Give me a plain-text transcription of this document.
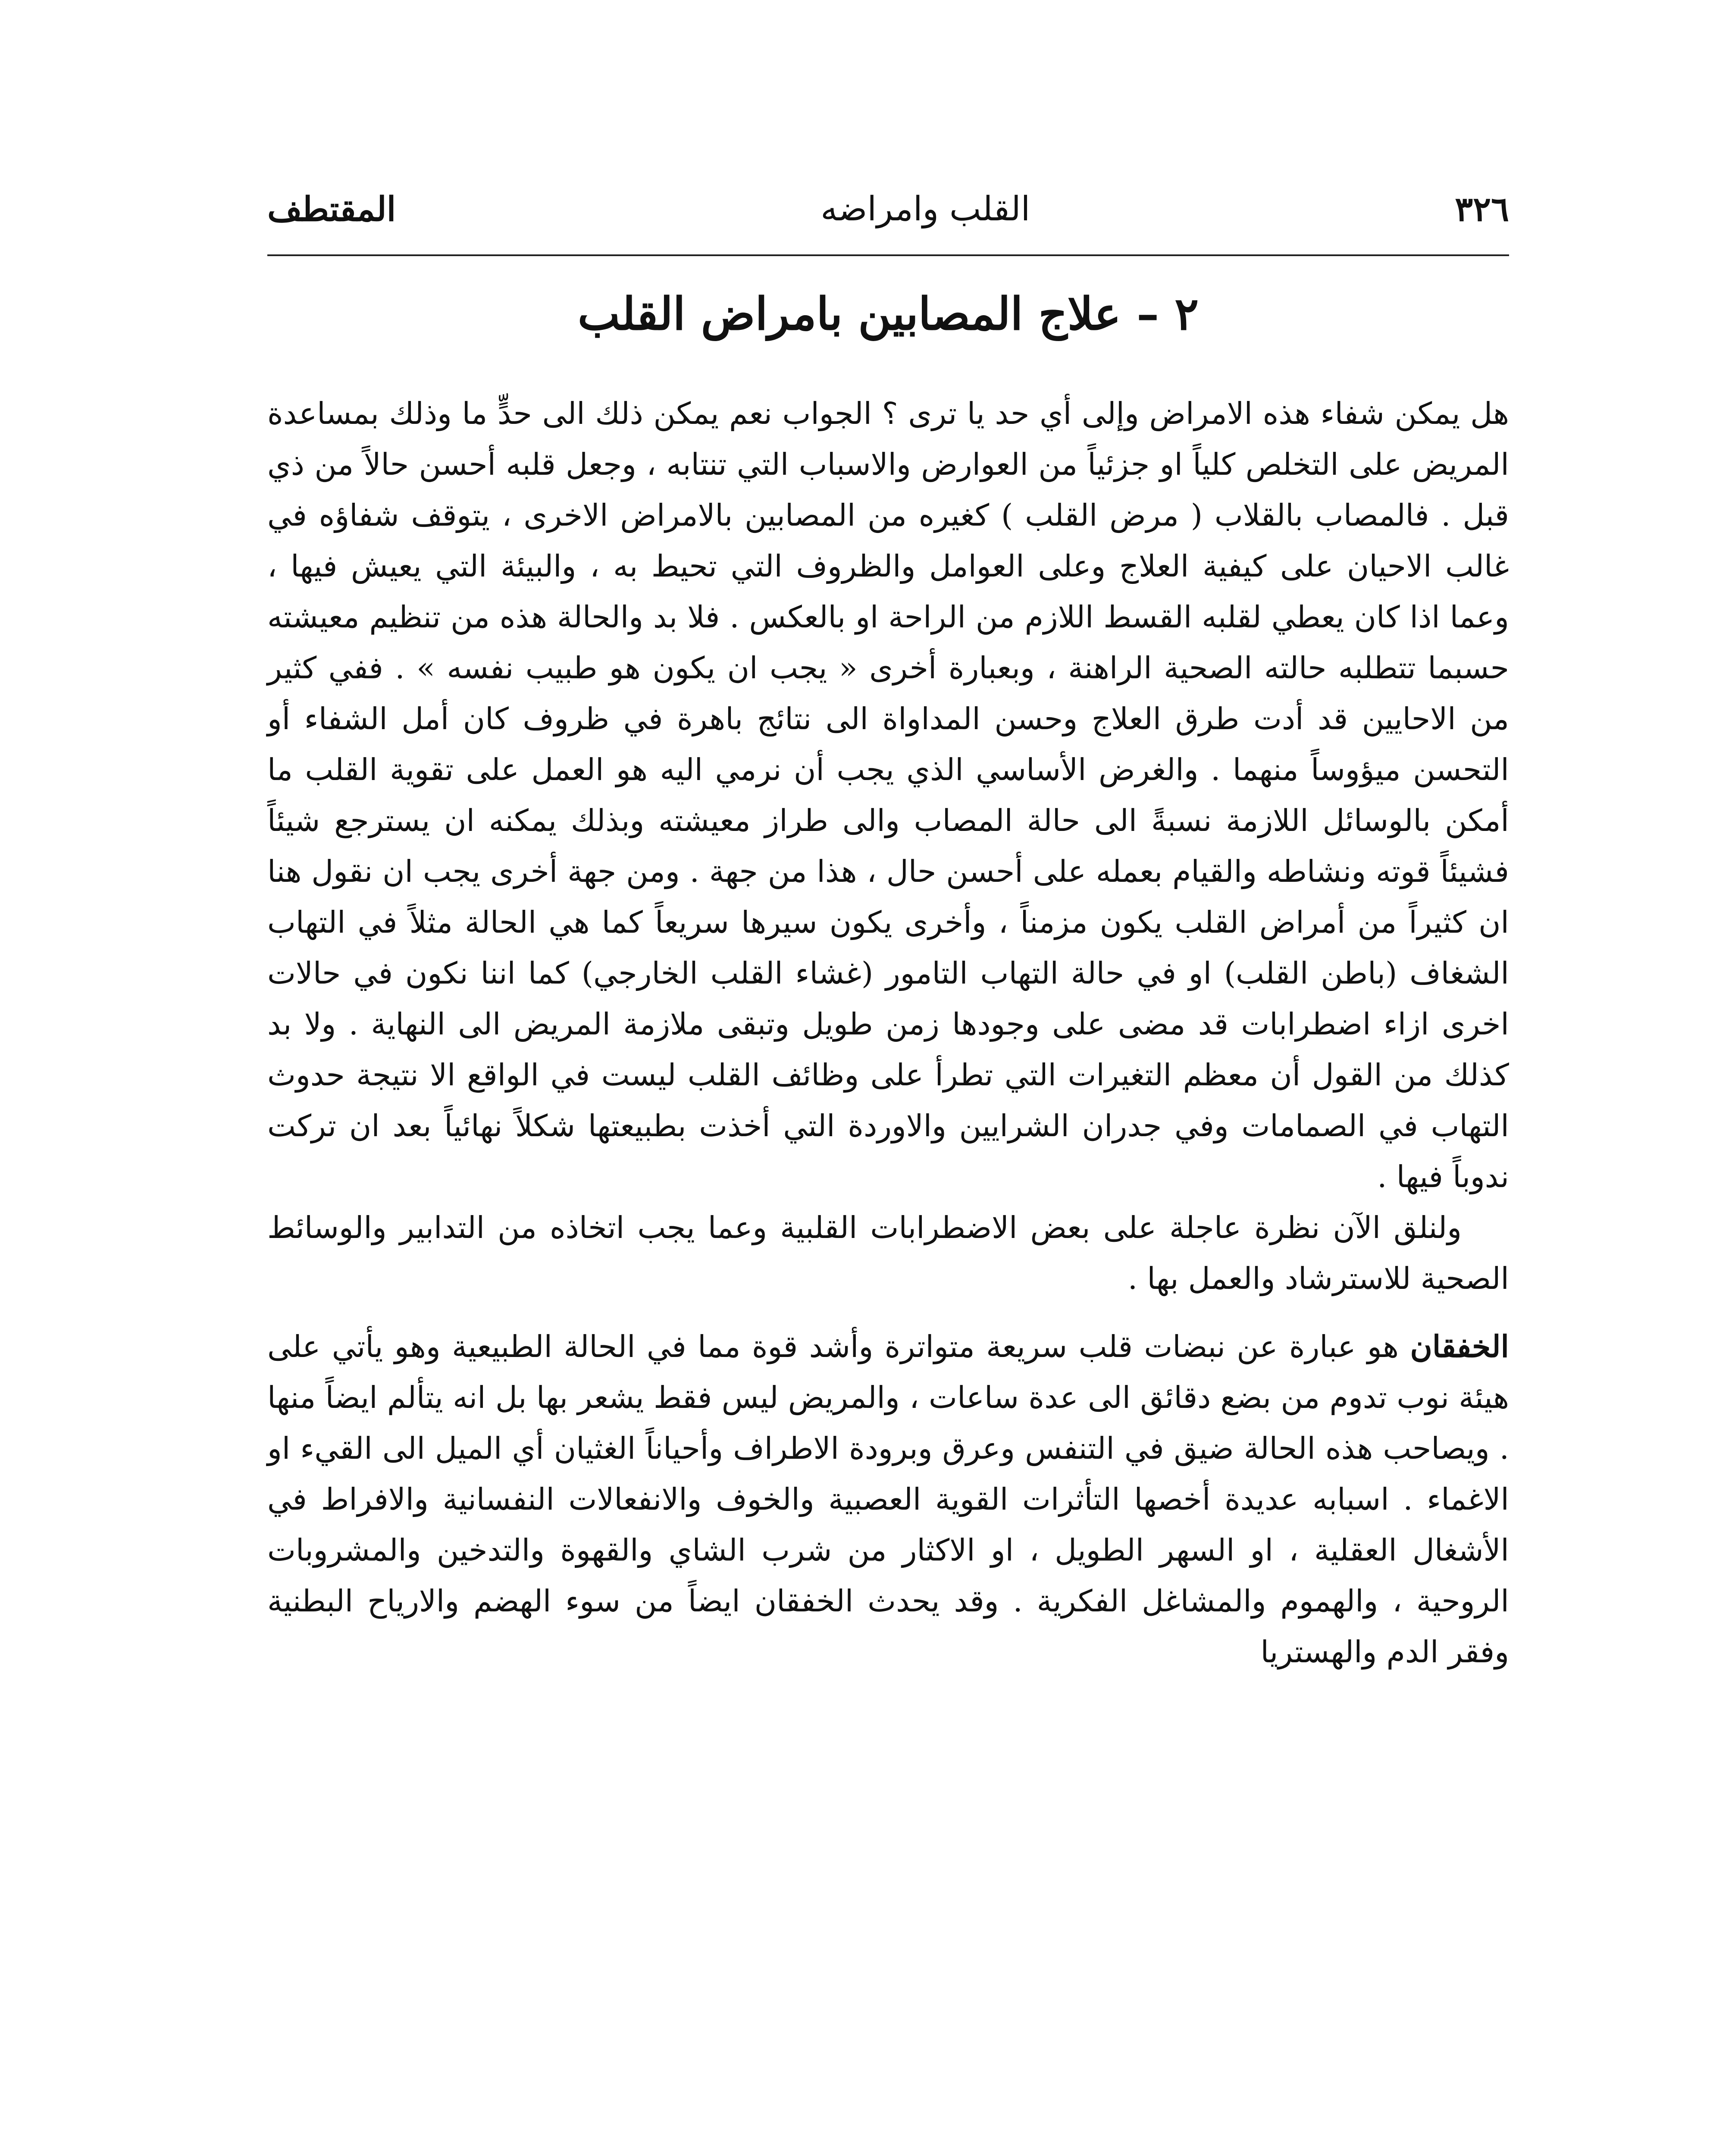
٣٢٦
القلب وامراضه
المقتطف
٢ – علاج المصابين بامراض القلب

هل يمكن شفاء هذه الامراض وإلى أي حد يا ترى ؟ الجواب نعم يمكن ذلك الى حدٍّ ما وذلك بمساعدة المريض على التخلص كلياً او جزئياً من العوارض والاسباب التي تنتابه ، وجعل قلبه أحسن حالاً من ذي قبل . فالمصاب بالقلاب ( مرض القلب ) كغيره من المصابين بالامراض الاخرى ، يتوقف شفاؤه في غالب الاحيان على كيفية العلاج وعلى العوامل والظروف التي تحيط به ، والبيئة التي يعيش فيها ، وعما اذا كان يعطي لقلبه القسط اللازم من الراحة او بالعكس . فلا بد والحالة هذه من تنظيم معيشته حسبما تتطلبه حالته الصحية الراهنة ، وبعبارة أخرى « يجب ان يكون هو طبيب نفسه » . ففي كثير من الاحايين قد أدت طرق العلاج وحسن المداواة الى نتائج باهرة في ظروف كان أمل الشفاء أو التحسن ميؤوساً منهما . والغرض الأساسي الذي يجب أن نرمي اليه هو العمل على تقوية القلب ما أمكن بالوسائل اللازمة نسبةً الى حالة المصاب والى طراز معيشته وبذلك يمكنه ان يسترجع شيئاً فشيئاً قوته ونشاطه والقيام بعمله على أحسن حال ، هذا من جهة . ومن جهة أخرى يجب ان نقول هنا ان كثيراً من أمراض القلب يكون مزمناً ، وأخرى يكون سيرها سريعاً كما هي الحالة مثلاً في التهاب الشغاف (باطن القلب) او في حالة التهاب التامور (غشاء القلب الخارجي) كما اننا نكون في حالات اخرى ازاء اضطرابات قد مضى على وجودها زمن طويل وتبقى ملازمة المريض الى النهاية . ولا بد كذلك من القول أن معظم التغيرات التي تطرأ على وظائف القلب ليست في الواقع الا نتيجة حدوث التهاب في الصمامات وفي جدران الشرايين والاوردة التي أخذت بطبيعتها شكلاً نهائياً بعد ان تركت ندوباً فيها .

ولنلق الآن نظرة عاجلة على بعض الاضطرابات القلبية وعما يجب اتخاذه من التدابير والوسائط الصحية للاسترشاد والعمل بها .

الخفقان هو عبارة عن نبضات قلب سريعة متواترة وأشد قوة مما في الحالة الطبيعية وهو يأتي على هيئة نوب تدوم من بضع دقائق الى عدة ساعات ، والمريض ليس فقط يشعر بها بل انه يتألم ايضاً منها . ويصاحب هذه الحالة ضيق في التنفس وعرق وبرودة الاطراف وأحياناً الغثيان أي الميل الى القيء او الاغماء . اسبابه عديدة أخصها التأثرات القوية العصبية والخوف والانفعالات النفسانية والافراط في الأشغال العقلية ، او السهر الطويل ، او الاكثار من شرب الشاي والقهوة والتدخين والمشروبات الروحية ، والهموم والمشاغل الفكرية . وقد يحدث الخفقان ايضاً من سوء الهضم والارياح البطنية وفقر الدم والهستريا
